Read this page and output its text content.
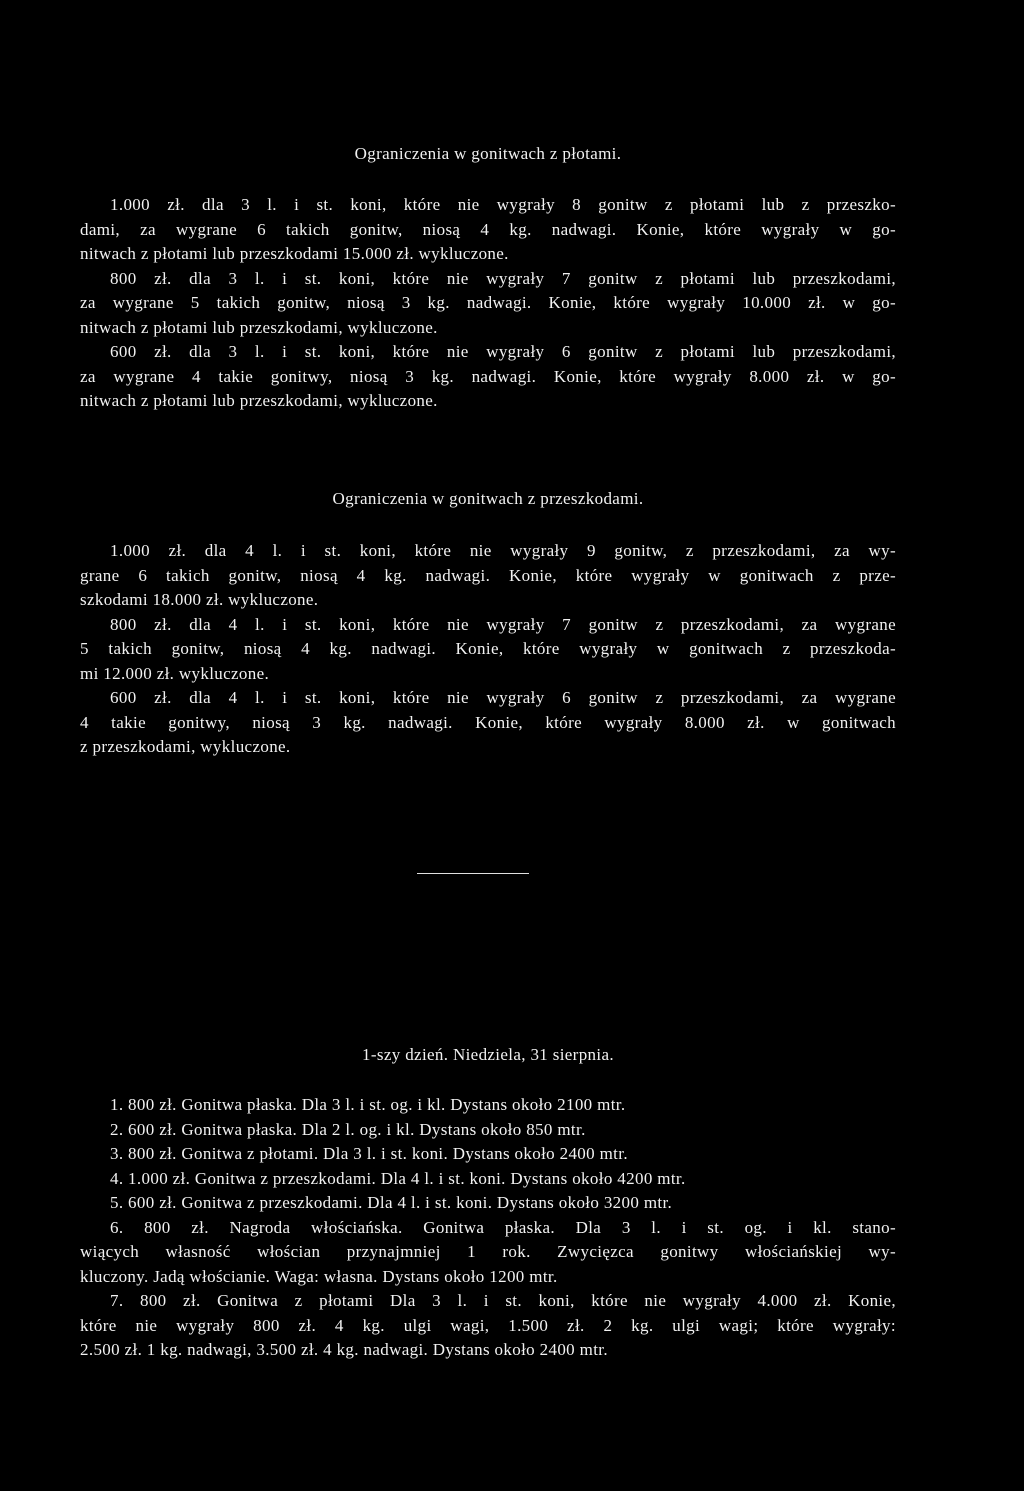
Ograniczenia w gonitwach z płotami.
1.000 zł. dla 3 l. i st. koni, które nie wygrały 8 gonitw z płotami lub z przeszko-
dami, za wygrane 6 takich gonitw, niosą 4 kg. nadwagi. Konie, które wygrały w go-
nitwach z płotami lub przeszkodami 15.000 zł. wykluczone.
800 zł. dla 3 l. i st. koni, które nie wygrały 7 gonitw z płotami lub przeszkodami,
za wygrane 5 takich gonitw, niosą 3 kg. nadwagi. Konie, które wygrały 10.000 zł. w go-
nitwach z płotami lub przeszkodami, wykluczone.
600 zł. dla 3 l. i st. koni, które nie wygrały 6 gonitw z płotami lub przeszkodami,
za wygrane 4 takie gonitwy, niosą 3 kg. nadwagi. Konie, które wygrały 8.000 zł. w go-
nitwach z płotami lub przeszkodami, wykluczone.
Ograniczenia w gonitwach z przeszkodami.
1.000 zł. dla 4 l. i st. koni, które nie wygrały 9 gonitw, z przeszkodami, za wy-
grane 6 takich gonitw, niosą 4 kg. nadwagi. Konie, które wygrały w gonitwach z prze-
szkodami 18.000 zł. wykluczone.
800 zł. dla 4 l. i st. koni, które nie wygrały 7 gonitw z przeszkodami, za wygrane
5 takich gonitw, niosą 4 kg. nadwagi. Konie, które wygrały w gonitwach z przeszkoda-
mi 12.000 zł. wykluczone.
600 zł. dla 4 l. i st. koni, które nie wygrały 6 gonitw z przeszkodami, za wygrane
4 takie gonitwy, niosą 3 kg. nadwagi. Konie, które wygrały 8.000 zł. w gonitwach
z przeszkodami, wykluczone.
1-szy dzień. Niedziela, 31 sierpnia.
1. 800 zł. Gonitwa płaska. Dla 3 l. i st. og. i kl. Dystans około 2100 mtr.
2. 600 zł. Gonitwa płaska. Dla 2 l. og. i kl. Dystans około 850 mtr.
3. 800 zł. Gonitwa z płotami. Dla 3 l. i st. koni. Dystans około 2400 mtr.
4. 1.000 zł. Gonitwa z przeszkodami. Dla 4 l. i st. koni. Dystans około 4200 mtr.
5. 600 zł. Gonitwa z przeszkodami. Dla 4 l. i st. koni. Dystans około 3200 mtr.
6. 800 zł. Nagroda włościańska. Gonitwa płaska. Dla 3 l. i st. og. i kl. stano-
wiących własność włościan przynajmniej 1 rok. Zwycięzca gonitwy włościańskiej wy-
kluczony. Jadą włościanie. Waga: własna. Dystans około 1200 mtr.
7. 800 zł. Gonitwa z płotami Dla 3 l. i st. koni, które nie wygrały 4.000 zł. Konie,
które nie wygrały 800 zł. 4 kg. ulgi wagi, 1.500 zł. 2 kg. ulgi wagi; które wygrały:
2.500 zł. 1 kg. nadwagi, 3.500 zł. 4 kg. nadwagi. Dystans około 2400 mtr.
